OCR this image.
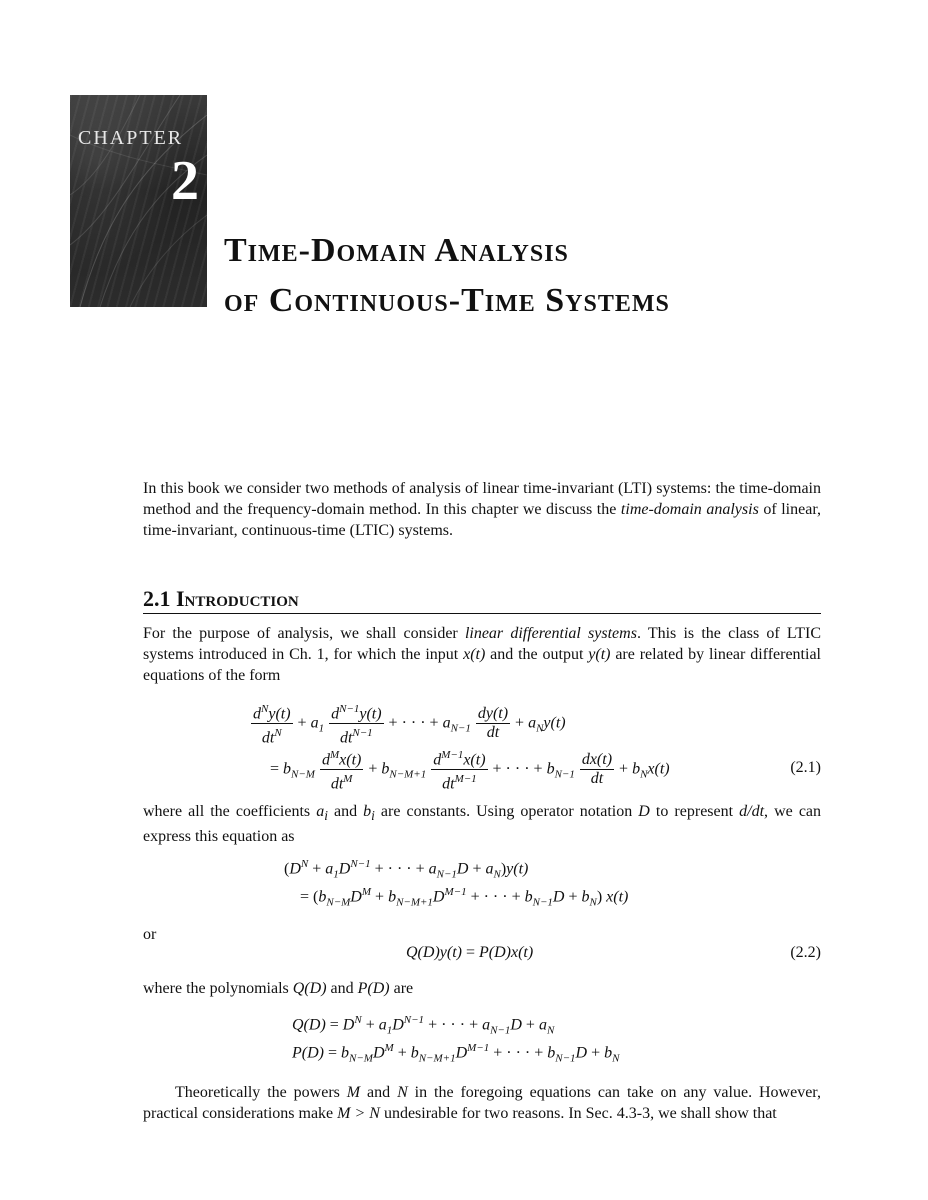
CHAPTER
2
Time-Domain Analysis
of Continuous-Time Systems

In this book we consider two methods of analysis of linear time-invariant (LTI) systems: the time-domain method and the frequency-domain method. In this chapter we discuss the time-domain analysis of linear, time-invariant, continuous-time (LTIC) systems.

2.1 Introduction

For the purpose of analysis, we shall consider linear differential systems. This is the class of LTIC systems introduced in Ch. 1, for which the input x(t) and the output y(t) are related by linear differential equations of the form

$\frac{d^Ny(t)}{dt^N} + a_1 \frac{d^{N-1}y(t)}{dt^{N-1}}$ + · · · + $a_{N-1} \frac{dy(t)}{dt} + a_Ny(t)$
= $b_{N-M} \frac{d^Mx(t)}{dt^M} + b_{N-M+1} \frac{d^{M-1}x(t)}{dt^{M-1}}$ + · · · + $b_{N-1} \frac{dx(t)}{dt} + b_Nx(t)$	(2.1)

where all the coefficients $a_i$ and $b_i$ are constants. Using operator notation D to represent d/dt, we can express this equation as

($D^N + a_1D^{N-1}$ + · · · + $a_{N-1}D + a_N)y(t)$
= ($b_{N-M}D^M + b_{N-M+1}D^{M-1}$ + · · · + $b_{N-1}D + b_N$) x(t)
or
Q(D)y(t) = P(D)x(t)	(2.2)

where the polynomials Q(D) and P(D) are

$Q(D) = D^N + a_1D^{N-1}$ + · · · + $a_{N-1}D + a_N$
$P(D) = b_{N-M}D^M + b_{N-M+1}D^{M-1}$ + · · · + $b_{N-1}D + b_N$

Theoretically the powers M and N in the foregoing equations can take on any value. However, practical considerations make M > N undesirable for two reasons. In Sec. 4.3-3, we shall show that
